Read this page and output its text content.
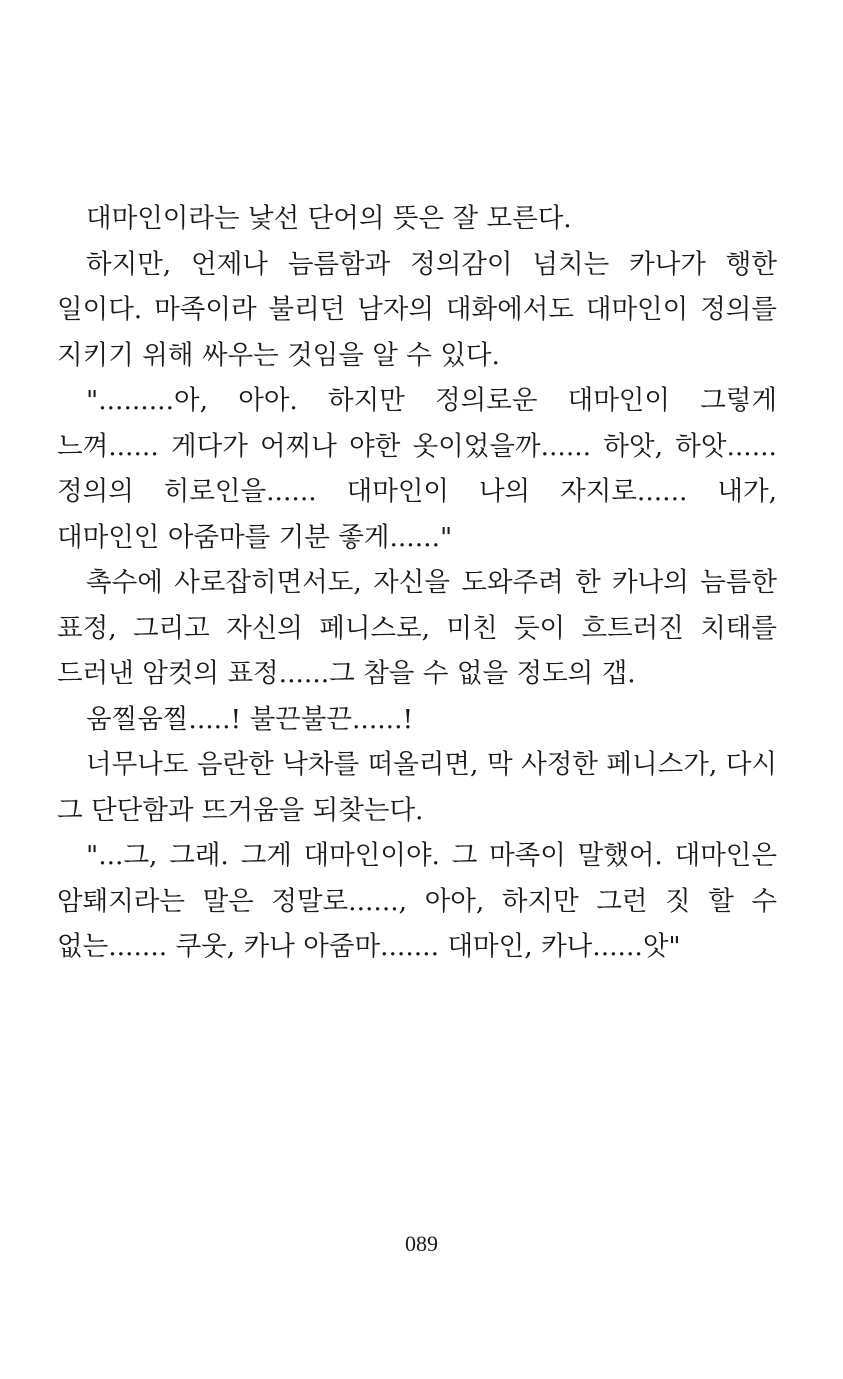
대마인이라는 낯선 단어의 뜻은 잘 모른다.

하지만, 언제나 늠름함과 정의감이 넘치는 카나가 행한 일이다. 마족이라 불리던 남자의 대화에서도 대마인이 정의를 지키기 위해 싸우는 것임을 알 수 있다.

".........아, 아아. 하지만 정의로운 대마인이 그렇게 느껴...... 게다가 어찌나 야한 옷이었을까...... 하앗, 하앗...... 정의의 히로인을...... 대마인이 나의 자지로...... 내가, 대마인인 아줌마를 기분 좋게......"

촉수에 사로잡히면서도, 자신을 도와주려 한 카나의 늠름한 표정, 그리고 자신의 페니스로, 미친 듯이 흐트러진 치태를 드러낸 암컷의 표정......그 참을 수 없을 정도의 갭.

움찔움찔.....! 불끈불끈......!

너무나도 음란한 낙차를 떠올리면, 막 사정한 페니스가, 다시 그 단단함과 뜨거움을 되찾는다.

"...그, 그래. 그게 대마인이야. 그 마족이 말했어. 대마인은 암퇘지라는 말은 정말로......, 아아, 하지만 그런 짓 할 수 없는....... 쿠웃, 카나 아줌마....... 대마인, 카나......앗"

089
